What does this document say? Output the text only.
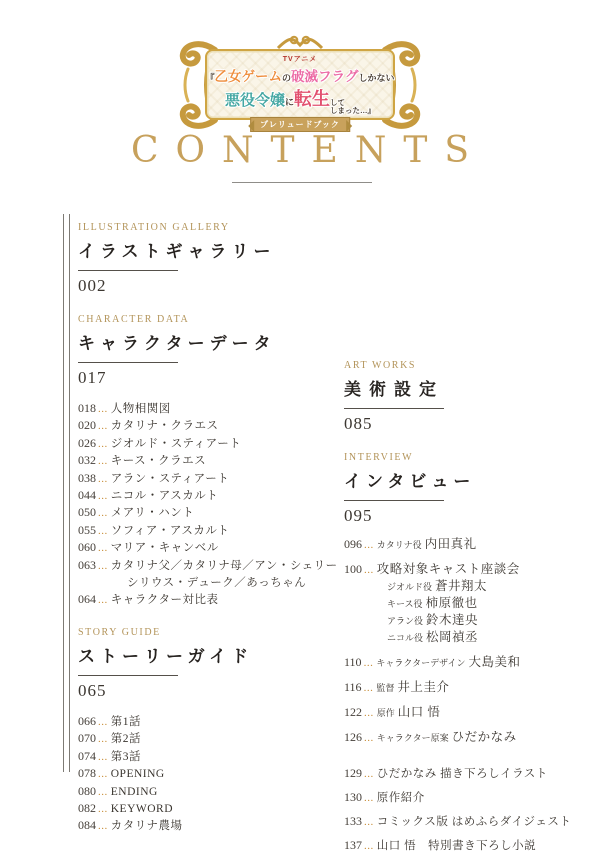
TVアニメ
『 乙女ゲーム の 破滅フラグ しかない
悪役令嬢 に 転生 して
しまった…』
プレリュードブック
CONTENTS
ILLUSTRATION GALLERY
イラストギャラリー
002
CHARACTER DATA
キャラクターデータ
017
018 ... 人物相関図
020 ... カタリナ・クラエス
026 ... ジオルド・スティアート
032 ... キース・クラエス
038 ... アラン・スティアート
044 ... ニコル・アスカルト
050 ... メアリ・ハント
055 ... ソフィア・アスカルト
060 ... マリア・キャンベル
063 ... カタリナ父／カタリナ母／アン・シェリー
シリウス・デューク／あっちゃん
064 ... キャラクター対比表
STORY GUIDE
ストーリーガイド
065
066 ... 第1話
070 ... 第2話
074 ... 第3話
078 ... OPENING
080 ... ENDING
082 ... KEYWORD
084 ... カタリナ農場
ART WORKS
美術設定
085
INTERVIEW
インタビュー
095
096 ... カタリナ役 内田真礼
100 ... 攻略対象キャスト座談会
ジオルド役 蒼井翔太
キース役 柿原徹也
アラン役 鈴木達央
ニコル役 松岡禎丞
110 ... キャラクターデザイン 大島美和
116 ... 監督 井上圭介
122 ... 原作 山口 悟
126 ... キャラクター原案 ひだかなみ
129 ... ひだかなみ 描き下ろしイラスト
130 ... 原作紹介
133 ... コミックス版 はめふらダイジェスト
137 ... 山口 悟　特別書き下ろし小説
